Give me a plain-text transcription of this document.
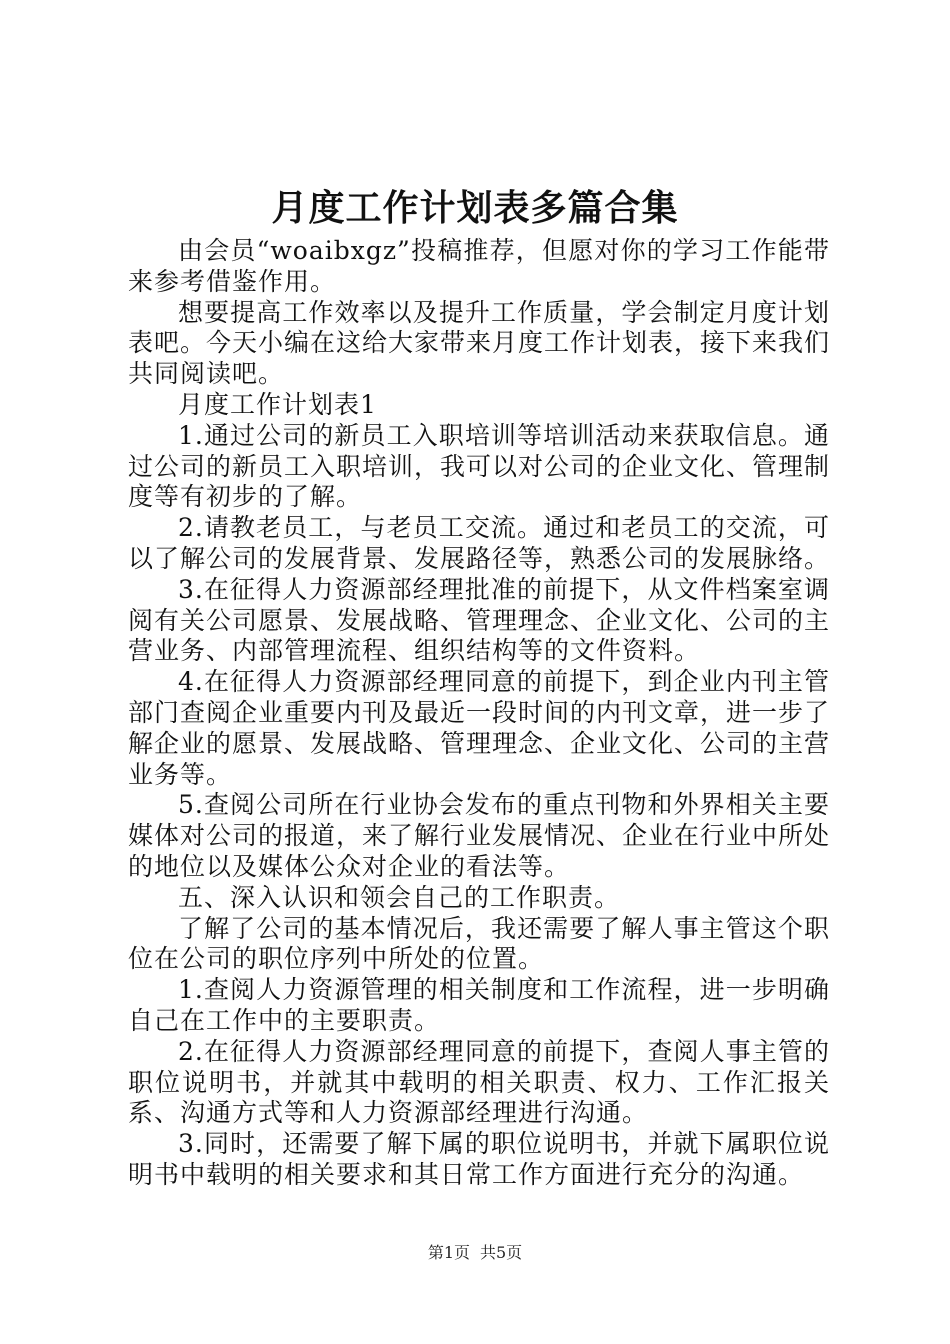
月度工作计划表多篇合集

由会员“woaibxgz”投稿推荐，但愿对你的学习工作能带来参考借鉴作用。

想要提高工作效率以及提升工作质量，学会制定月度计划表吧。今天小编在这给大家带来月度工作计划表，接下来我们共同阅读吧。

月度工作计划表1

1.通过公司的新员工入职培训等培训活动来获取信息。通过公司的新员工入职培训，我可以对公司的企业文化、管理制度等有初步的了解。

2.请教老员工，与老员工交流。通过和老员工的交流，可以了解公司的发展背景、发展路径等，熟悉公司的发展脉络。

3.在征得人力资源部经理批准的前提下，从文件档案室调阅有关公司愿景、发展战略、管理理念、企业文化、公司的主营业务、内部管理流程、组织结构等的文件资料。

4.在征得人力资源部经理同意的前提下，到企业内刊主管部门查阅企业重要内刊及最近一段时间的内刊文章，进一步了解企业的愿景、发展战略、管理理念、企业文化、公司的主营业务等。

5.查阅公司所在行业协会发布的重点刊物和外界相关主要媒体对公司的报道，来了解行业发展情况、企业在行业中所处的地位以及媒体公众对企业的看法等。

五、深入认识和领会自己的工作职责。

了解了公司的基本情况后，我还需要了解人事主管这个职位在公司的职位序列中所处的位置。

1.查阅人力资源管理的相关制度和工作流程，进一步明确自己在工作中的主要职责。

2.在征得人力资源部经理同意的前提下，查阅人事主管的职位说明书，并就其中载明的相关职责、权力、工作汇报关系、沟通方式等和人力资源部经理进行沟通。

3.同时，还需要了解下属的职位说明书，并就下属职位说明书中载明的相关要求和其日常工作方面进行充分的沟通。

第1页 共5页
